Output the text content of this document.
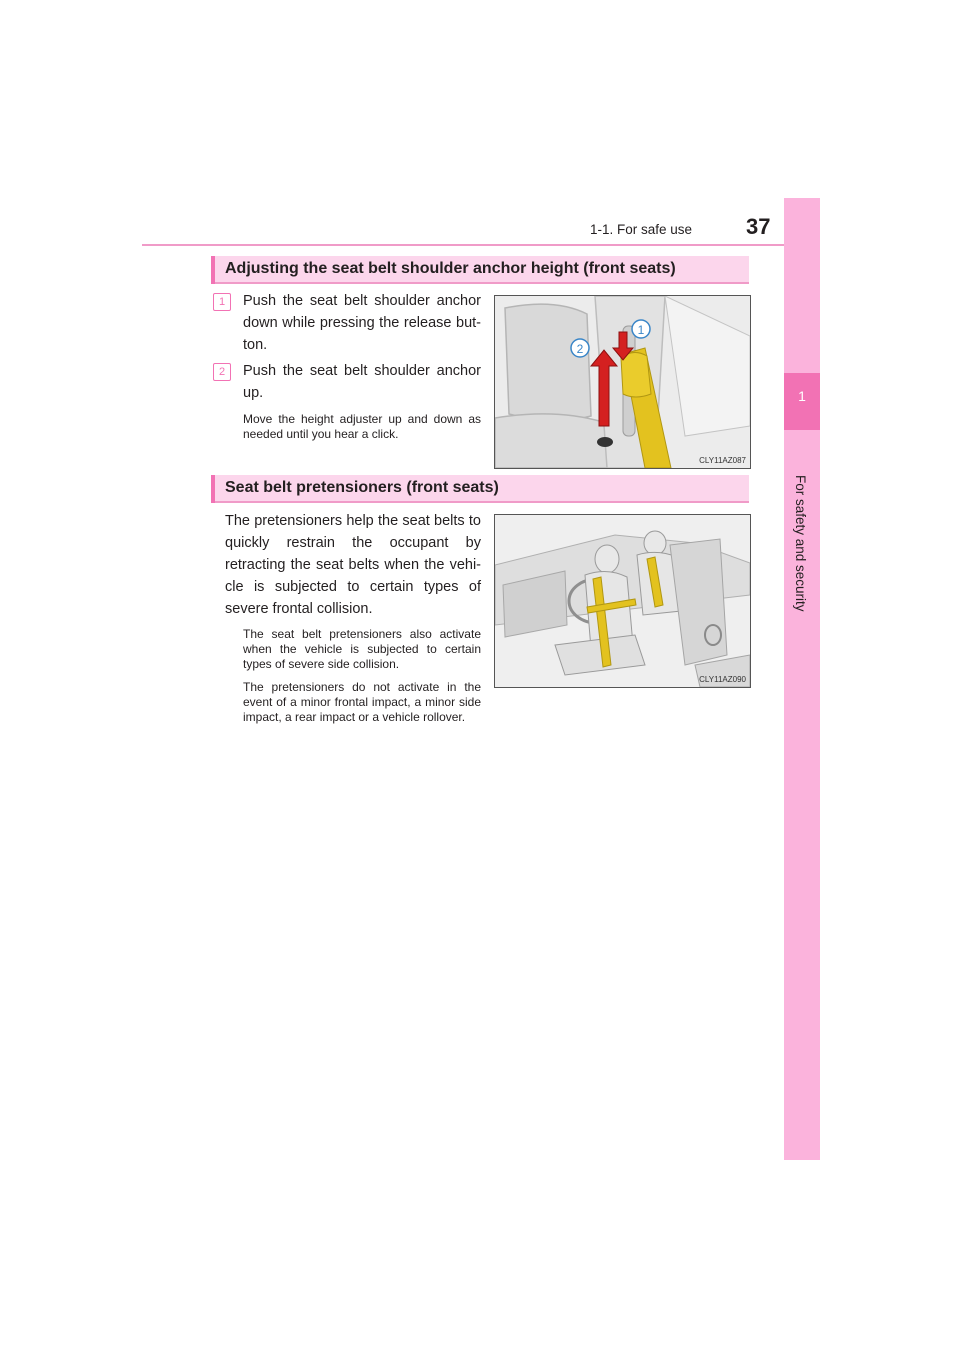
1-1. For safe use 37
1
For safety and security
Adjusting the seat belt shoulder anchor height (front seats)
1	Push the seat belt shoulder anchor down while pressing the release but-ton.
2	Push the seat belt shoulder anchor up.
Move the height adjuster up and down as needed until you hear a click.
1
2
CLY11AZ087
Seat belt pretensioners (front seats)
The pretensioners help the seat belts to quickly restrain the occupant by retracting the seat belts when the vehi-cle is subjected to certain types of severe frontal collision.
The seat belt pretensioners also activate when the vehicle is subjected to certain types of severe side collision.
The pretensioners do not activate in the event of a minor frontal impact, a minor side impact, a rear impact or a vehicle rollover.
CLY11AZ090
